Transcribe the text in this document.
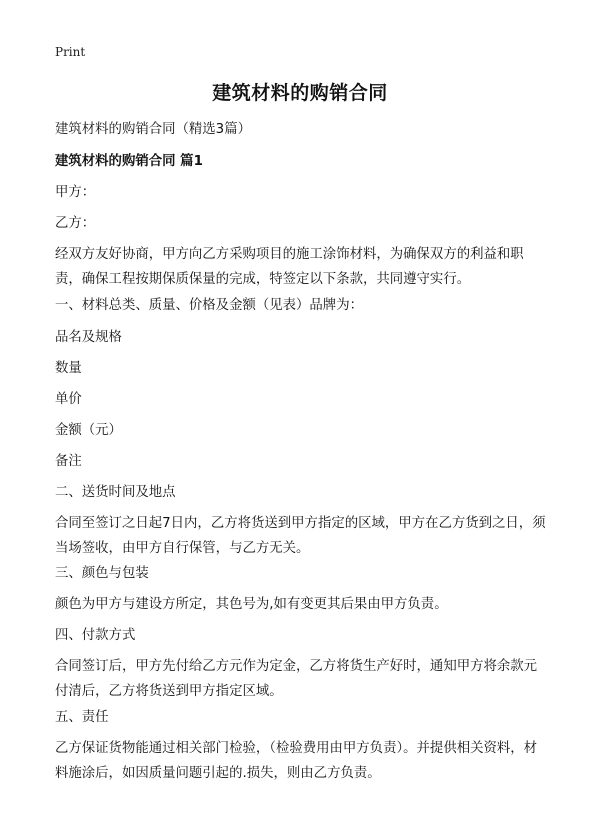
Print
建筑材料的购销合同
建筑材料的购销合同（精选3篇）
建筑材料的购销合同 篇1
甲方：
乙方：
经双方友好协商，甲方向乙方采购项目的施工涂饰材料，为确保双方的利益和职责，确保工程按期保质保量的完成，特签定以下条款，共同遵守实行。
一、材料总类、质量、价格及金额（见表）品牌为：
品名及规格
数量
单价
金额（元）
备注
二、送货时间及地点
合同至签订之日起7日内，乙方将货送到甲方指定的区域，甲方在乙方货到之日，须当场签收，由甲方自行保管，与乙方无关。
三、颜色与包装
颜色为甲方与建设方所定，其色号为,如有变更其后果由甲方负责。
四、付款方式
合同签订后，甲方先付给乙方元作为定金，乙方将货生产好时，通知甲方将余款元付清后，乙方将货送到甲方指定区域。
五、责任
乙方保证货物能通过相关部门检验，（检验费用由甲方负责）。并提供相关资料，材料施涂后，如因质量问题引起的.损失，则由乙方负责。
